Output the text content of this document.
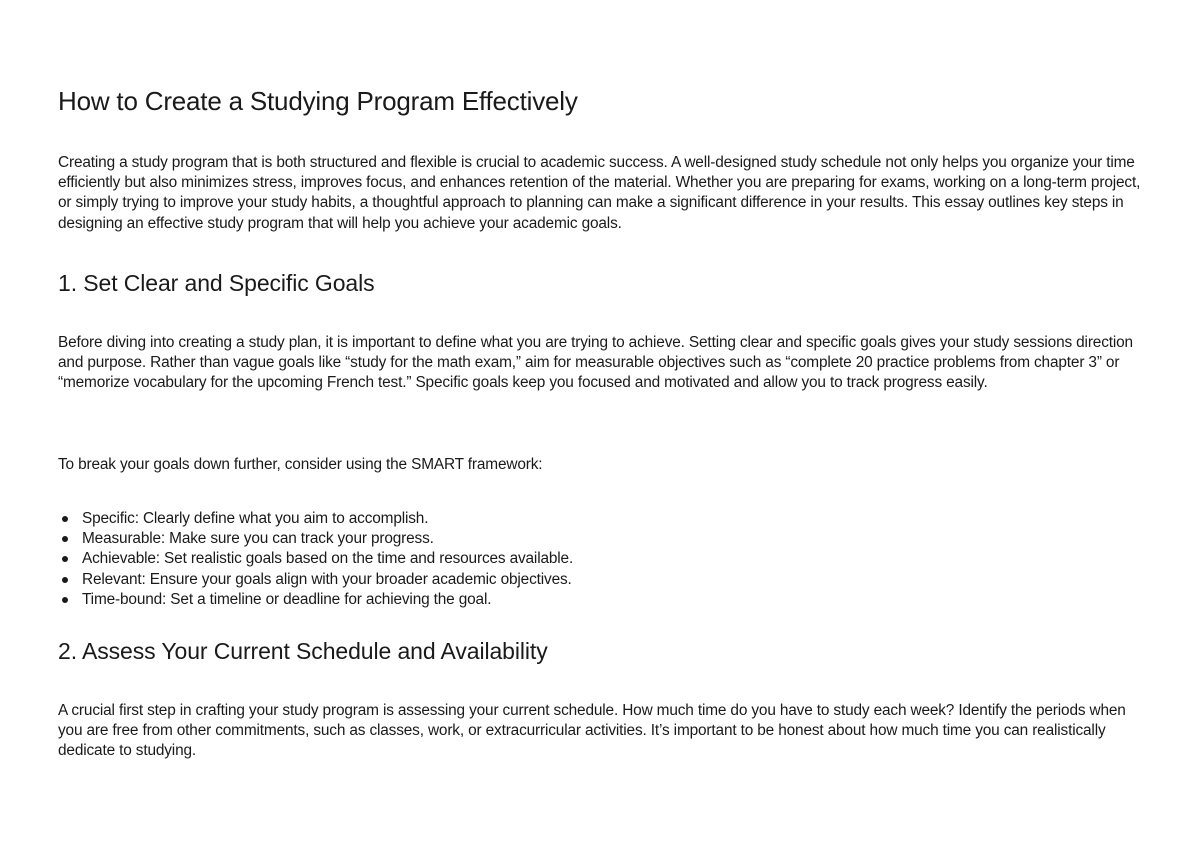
How to Create a Studying Program Effectively

Creating a study program that is both structured and flexible is crucial to academic success. A well-designed study schedule not only helps you organize your time efficiently but also minimizes stress, improves focus, and enhances retention of the material. Whether you are preparing for exams, working on a long-term project, or simply trying to improve your study habits, a thoughtful approach to planning can make a significant difference in your results. This essay outlines key steps in designing an effective study program that will help you achieve your academic goals.

1. Set Clear and Specific Goals

Before diving into creating a study plan, it is important to define what you are trying to achieve. Setting clear and specific goals gives your study sessions direction and purpose. Rather than vague goals like “study for the math exam,” aim for measurable objectives such as “complete 20 practice problems from chapter 3” or “memorize vocabulary for the upcoming French test.” Specific goals keep you focused and motivated and allow you to track progress easily.

To break your goals down further, consider using the SMART framework:

Specific: Clearly define what you aim to accomplish.
Measurable: Make sure you can track your progress.
Achievable: Set realistic goals based on the time and resources available.
Relevant: Ensure your goals align with your broader academic objectives.
Time-bound: Set a timeline or deadline for achieving the goal.
2. Assess Your Current Schedule and Availability

A crucial first step in crafting your study program is assessing your current schedule. How much time do you have to study each week? Identify the periods when you are free from other commitments, such as classes, work, or extracurricular activities. It’s important to be honest about how much time you can realistically dedicate to studying.
